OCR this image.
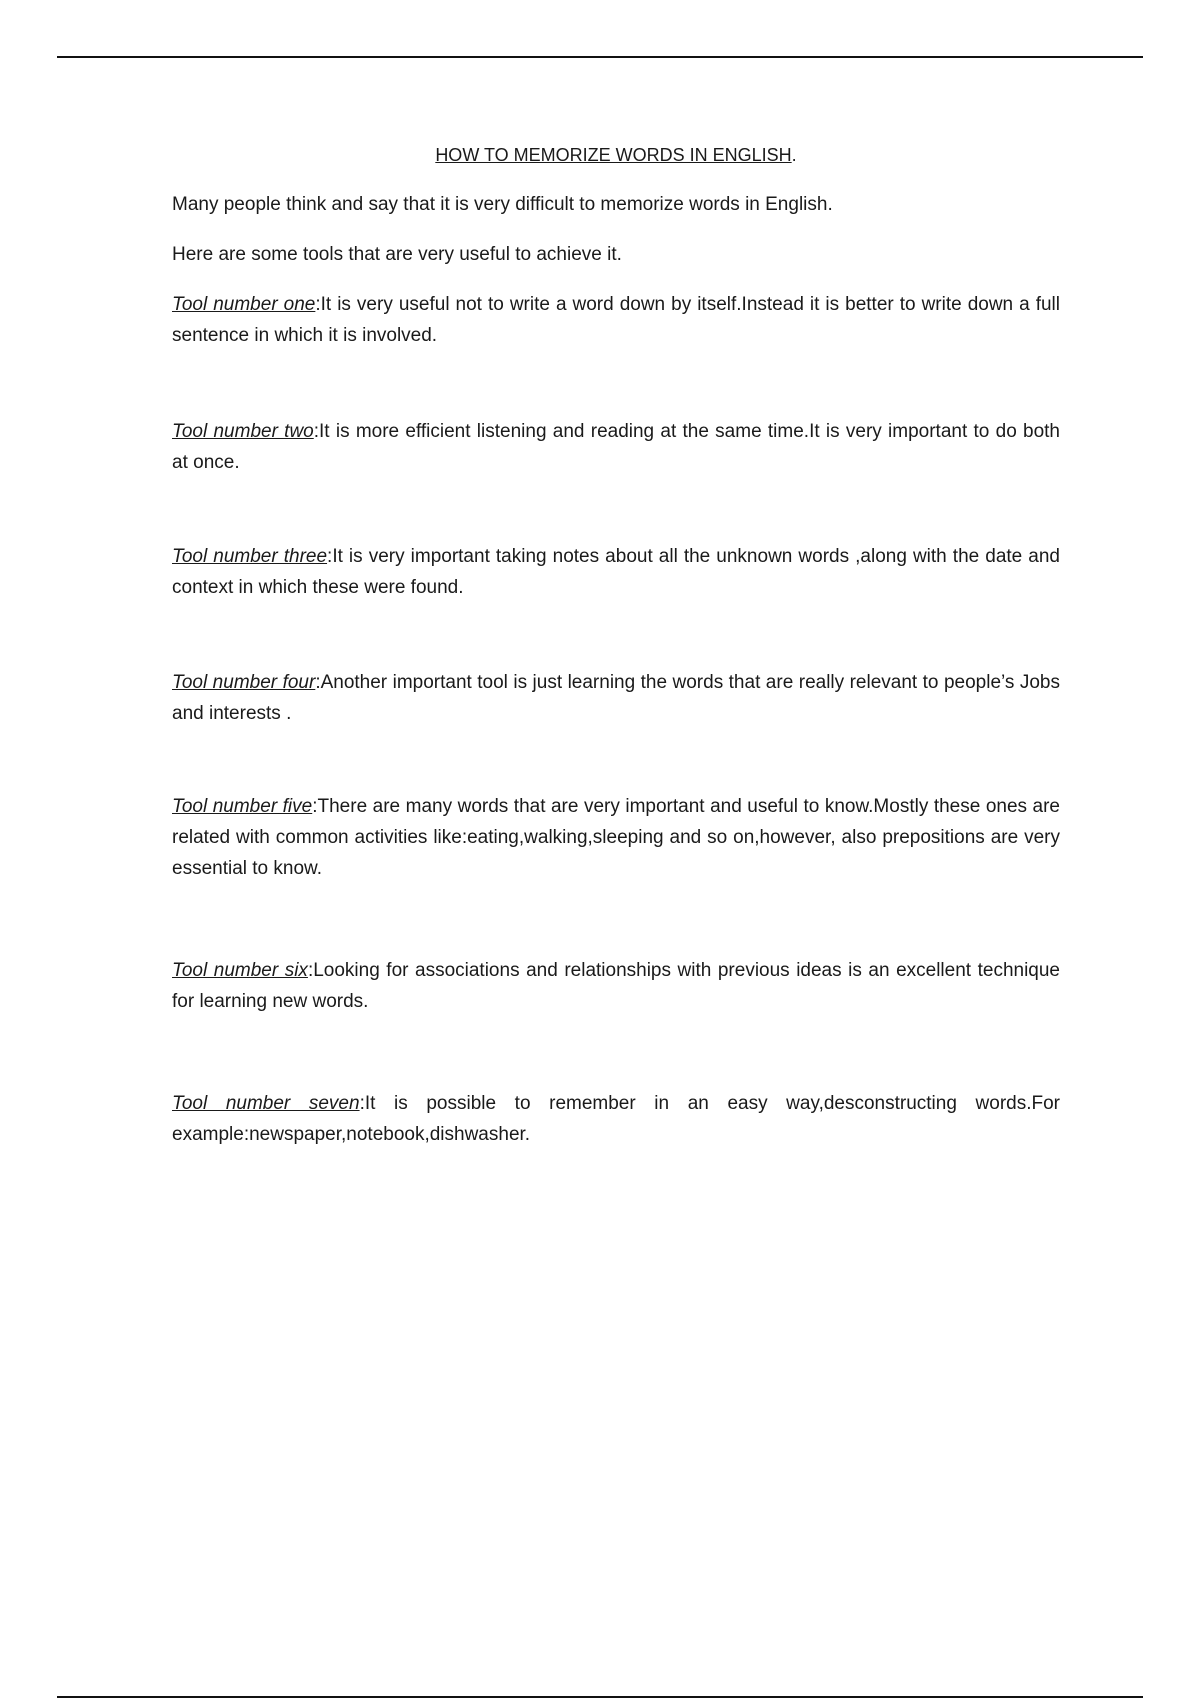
HOW TO MEMORIZE WORDS IN ENGLISH.

Many people think and say that it is very difficult to memorize words in English.

Here are some tools that are very useful to achieve it.

Tool number one:It is very useful not to write a word down by itself.Instead it is better to write down a full sentence in which it is involved.

Tool number two:It is more efficient listening and reading at the same time.It is very important to do both at once.

Tool number three:It is very important taking notes about all the unknown words ,along with the date and context in which these were found.

Tool number four:Another important tool is just learning the words that are really relevant to people’s Jobs and interests .

Tool number five:There are many words that are very important and useful to know.Mostly these ones are related with common activities like:eating,walking,sleeping and so on,however, also prepositions are very essential to know.

Tool number six:Looking for associations and relationships with previous ideas is an excellent technique for learning new words.

Tool number seven:It is possible to remember in an easy way,desconstructing words.For example:newspaper,notebook,dishwasher.
